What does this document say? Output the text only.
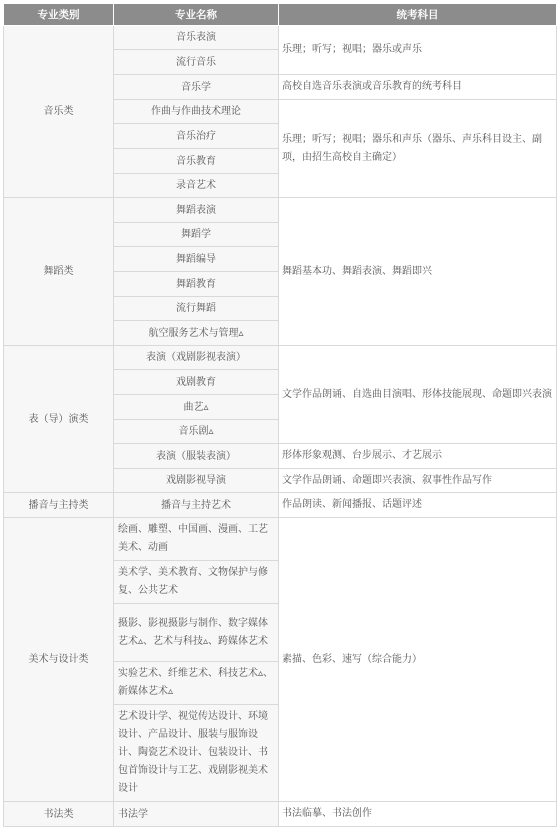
专业类别	专业名称	统考科目
音乐类	音乐表演	乐理；听写；视唱；器乐或声乐
	流行音乐	
	音乐学	高校自选音乐表演或音乐教育的统考科目
	作曲与作曲技术理论	乐理；听写；视唱；器乐和声乐（器乐、声乐科目设主、副项，由招生高校自主确定）
	音乐治疗	
	音乐教育	
	录音艺术	
舞蹈类	舞蹈表演	舞蹈基本功、舞蹈表演、舞蹈即兴
	舞蹈学	
	舞蹈编导	
	舞蹈教育	
	流行舞蹈	
	航空服务艺术与管理▵	
表（导）演类	表演（戏剧影视表演）	文学作品朗诵、自选曲目演唱、形体技能展现、命题即兴表演
	戏剧教育	
	曲艺▵	
	音乐剧▵	
	表演（服装表演）	形体形象观测、台步展示、才艺展示
	戏剧影视导演	文学作品朗诵、命题即兴表演、叙事性作品写作
播音与主持类	播音与主持艺术	作品朗读、新闻播报、话题评述
美术与设计类	绘画、雕塑、中国画、漫画、工艺美术、动画	素描、色彩、速写（综合能力）
	美术学、美术教育、文物保护与修复、公共艺术	
	摄影、影视摄影与制作、数字媒体艺术▵、艺术与科技▵、跨媒体艺术	
	实验艺术、纤维艺术、科技艺术▵、新媒体艺术▵	
	艺术设计学、视觉传达设计、环境设计、产品设计、服装与服饰设计、陶瓷艺术设计、包装设计、书包首饰设计与工艺、戏剧影视美术设计	
书法类	书法学	书法临摹、书法创作
